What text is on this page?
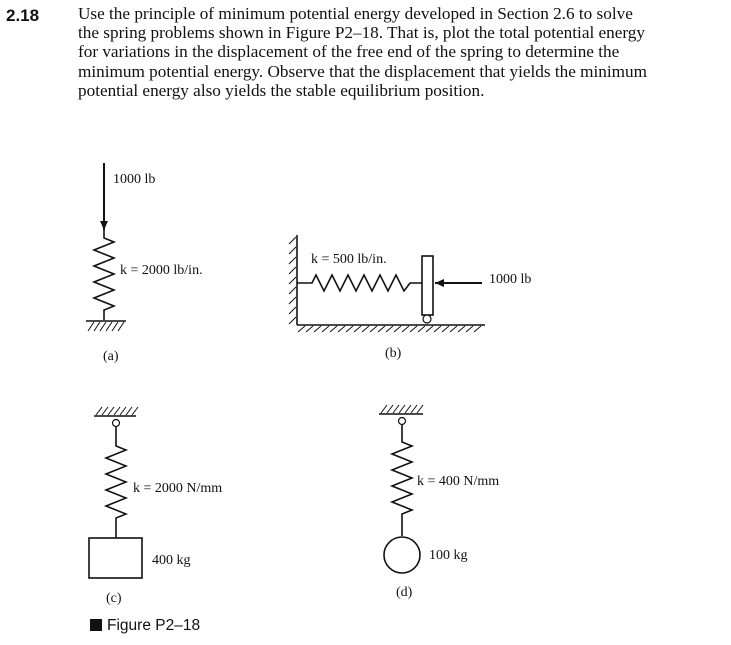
2.18 Use the principle of minimum potential energy developed in Section 2.6 to solve
the spring problems shown in Figure P2–18. That is, plot the total potential energy
for variations in the displacement of the free end of the spring to determine the
minimum potential energy. Observe that the displacement that yields the minimum
potential energy also yields the stable equilibrium position.
1000 lb
k = 2000 lb/in.
(a)
k = 500 lb/in.
1000 lb
(b)
k = 2000 N/mm
400 kg
(c)
k = 400 N/mm
100 kg
(d)
Figure P2–18
